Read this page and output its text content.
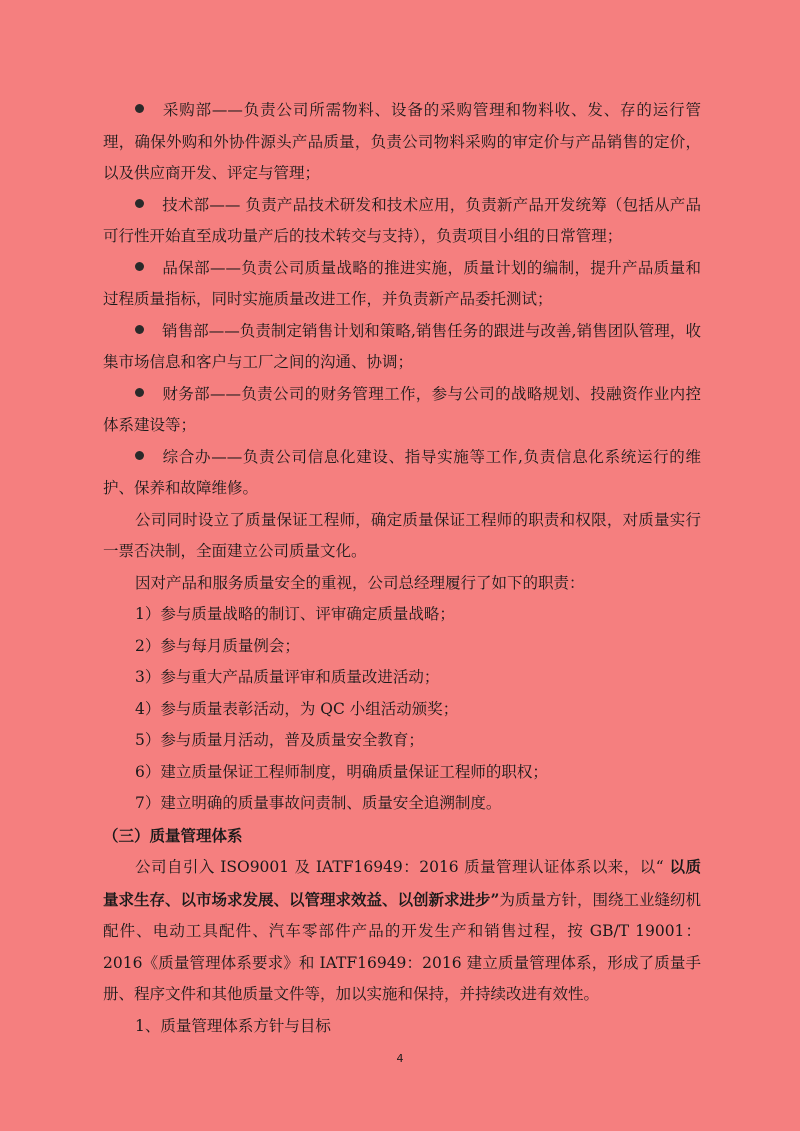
采购部——负责公司所需物料、设备的采购管理和物料收、发、存的运行管理，确保外购和外协件源头产品质量，负责公司物料采购的审定价与产品销售的定价，以及供应商开发、评定与管理；

技术部—— 负责产品技术研发和技术应用，负责新产品开发统筹（包括从产品可行性开始直至成功量产后的技术转交与支持），负责项目小组的日常管理；

品保部——负责公司质量战略的推进实施，质量计划的编制，提升产品质量和过程质量指标，同时实施质量改进工作，并负责新产品委托测试；

销售部——负责制定销售计划和策略,销售任务的跟进与改善,销售团队管理，收集市场信息和客户与工厂之间的沟通、协调；

财务部——负责公司的财务管理工作，参与公司的战略规划、投融资作业内控体系建设等；

综合办——负责公司信息化建设、指导实施等工作,负责信息化系统运行的维护、保养和故障维修。

公司同时设立了质量保证工程师，确定质量保证工程师的职责和权限，对质量实行一票否决制，全面建立公司质量文化。

因对产品和服务质量安全的重视，公司总经理履行了如下的职责：

1）参与质量战略的制订、评审确定质量战略；

2）参与每月质量例会；

3）参与重大产品质量评审和质量改进活动；

4）参与质量表彰活动，为 QC 小组活动颁奖；

5）参与质量月活动，普及质量安全教育；

6）建立质量保证工程师制度，明确质量保证工程师的职权；

7）建立明确的质量事故问责制、质量安全追溯制度。

（三）质量管理体系

公司自引入 ISO9001 及 IATF16949：2016 质量管理认证体系以来，以“ 以质量求生存、以市场求发展、以管理求效益、以创新求进步”为质量方针，围绕工业缝纫机配件、电动工具配件、汽车零部件产品的开发生产和销售过程，按 GB/T 19001：2016《质量管理体系要求》和 IATF16949：2016 建立质量管理体系，形成了质量手册、程序文件和其他质量文件等，加以实施和保持，并持续改进有效性。

1、质量管理体系方针与目标

4
